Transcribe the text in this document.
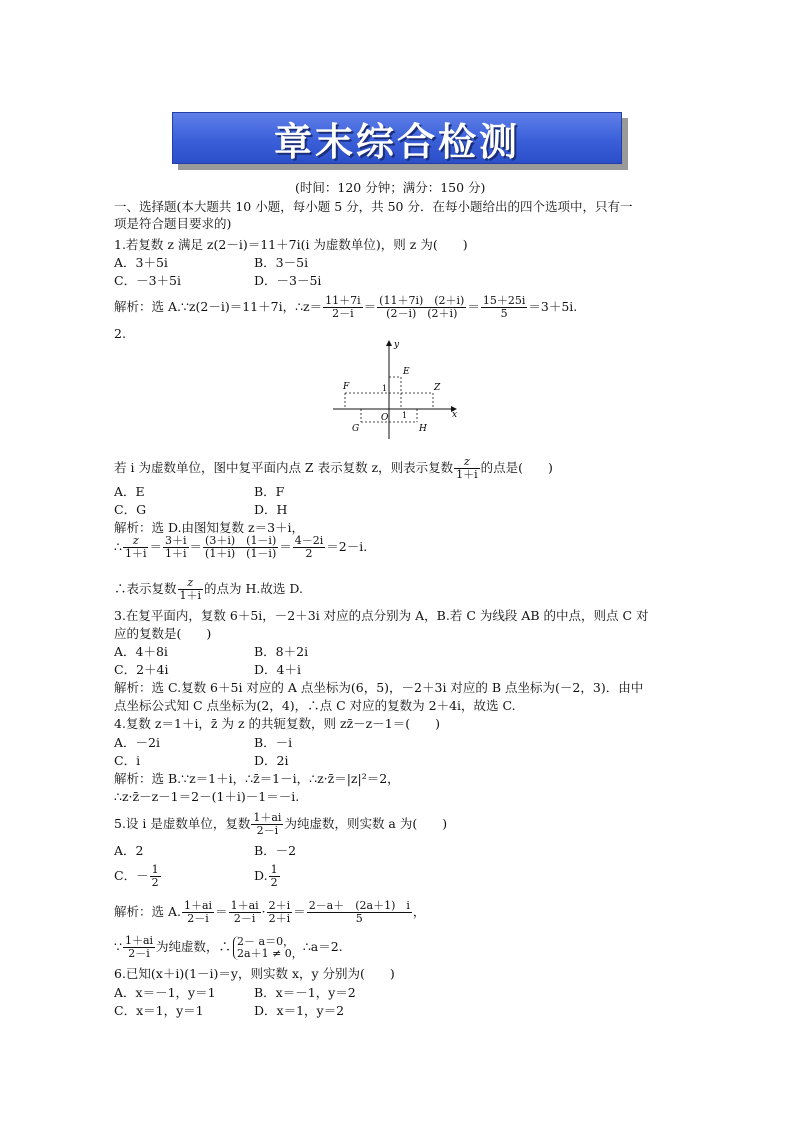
章末综合检测
(时间：120 分钟；满分：150 分)
一、选择题(本大题共 10 小题，每小题 5 分，共 50 分．在每小题给出的四个选项中，只有一
项是符合题目要求的)
1.若复数 z 满足 z(2－i)＝11＋7i(i 为虚数单位)，则 z 为(　　)
A．3＋5i	B．3－5i
C．－3＋5i	D．－3－5i
解析：选 A.∵z(2－i)＝11＋7i，∴z＝ $\frac{11+7i}{2-i} = \frac{(11+7i) (2+i)}{(2-i) (2+i)} = \frac{15+25i}{5} =3+5i$.
2.
y
x
O 1
1
E
F	Z
G	H
若 i 为虚数单位，图中复平面内点 Z 表示复数 z，则表示复数 $\frac{z}{1+i}$ 的点是(　　)
A．E	B．F
C．G	D．H
解析：选 D.由图知复数 z＝3＋i，
∴ $\frac{z}{1+i} = \frac{3+i}{1+i} = \frac{(3+i) (1-i)}{(1+i) (1-i)} = \frac{4-2i}{2} =2-i$.
∴表示复数 $\frac{z}{1+i}$ 的点为 H.故选 D.
3.在复平面内，复数 6＋5i，－2＋3i 对应的点分别为 A，B.若 C 为线段 AB 的中点，则点 C 对
应的复数是(　　)
A．4＋8i	B．8＋2i
C．2＋4i	D．4＋i
解析：选 C.复数 6＋5i 对应的 A 点坐标为(6，5)，－2＋3i 对应的 B 点坐标为(－2，3)．由中
点坐标公式知 C 点坐标为(2，4)，∴点 C 对应的复数为 2＋4i，故选 C.
4.复数 z＝1＋i，z̄ 为 z 的共轭复数，则 zz̄－z－1＝(　　)
A．－2i	B．－i
C．i	D．2i
解析：选 B.∵z＝1＋i，∴z̄＝1－i，∴z·z̄＝|z|²＝2，
∴z·z̄－z－1＝2－(1＋i)－1＝－i.
5.设 i 是虚数单位，复数 $\frac{1+ai}{2-i}$ 为纯虚数，则实数 a 为(　　)
A．2	B．－2
C．－ $\frac{1}{2}$	D. $\frac{1}{2}$
解析：选 A. $\frac{1+ai}{2-i} = \frac{1+ai}{2-i} \cdot \frac{2+i}{2+i} = \frac{2-a+ (2a+1) i}{5}$ ，
∵ $\frac{1+ai}{2-i}$ 为纯虚数，∴ 2－ a＝0，
2a＋1 ≠ 0， ∴a＝2.
6.已知(x＋i)(1－i)＝y，则实数 x，y 分别为(　　)
A．x＝－1，y＝1	B．x＝－1，y＝2
C．x＝1，y＝1	D．x＝1，y＝2
